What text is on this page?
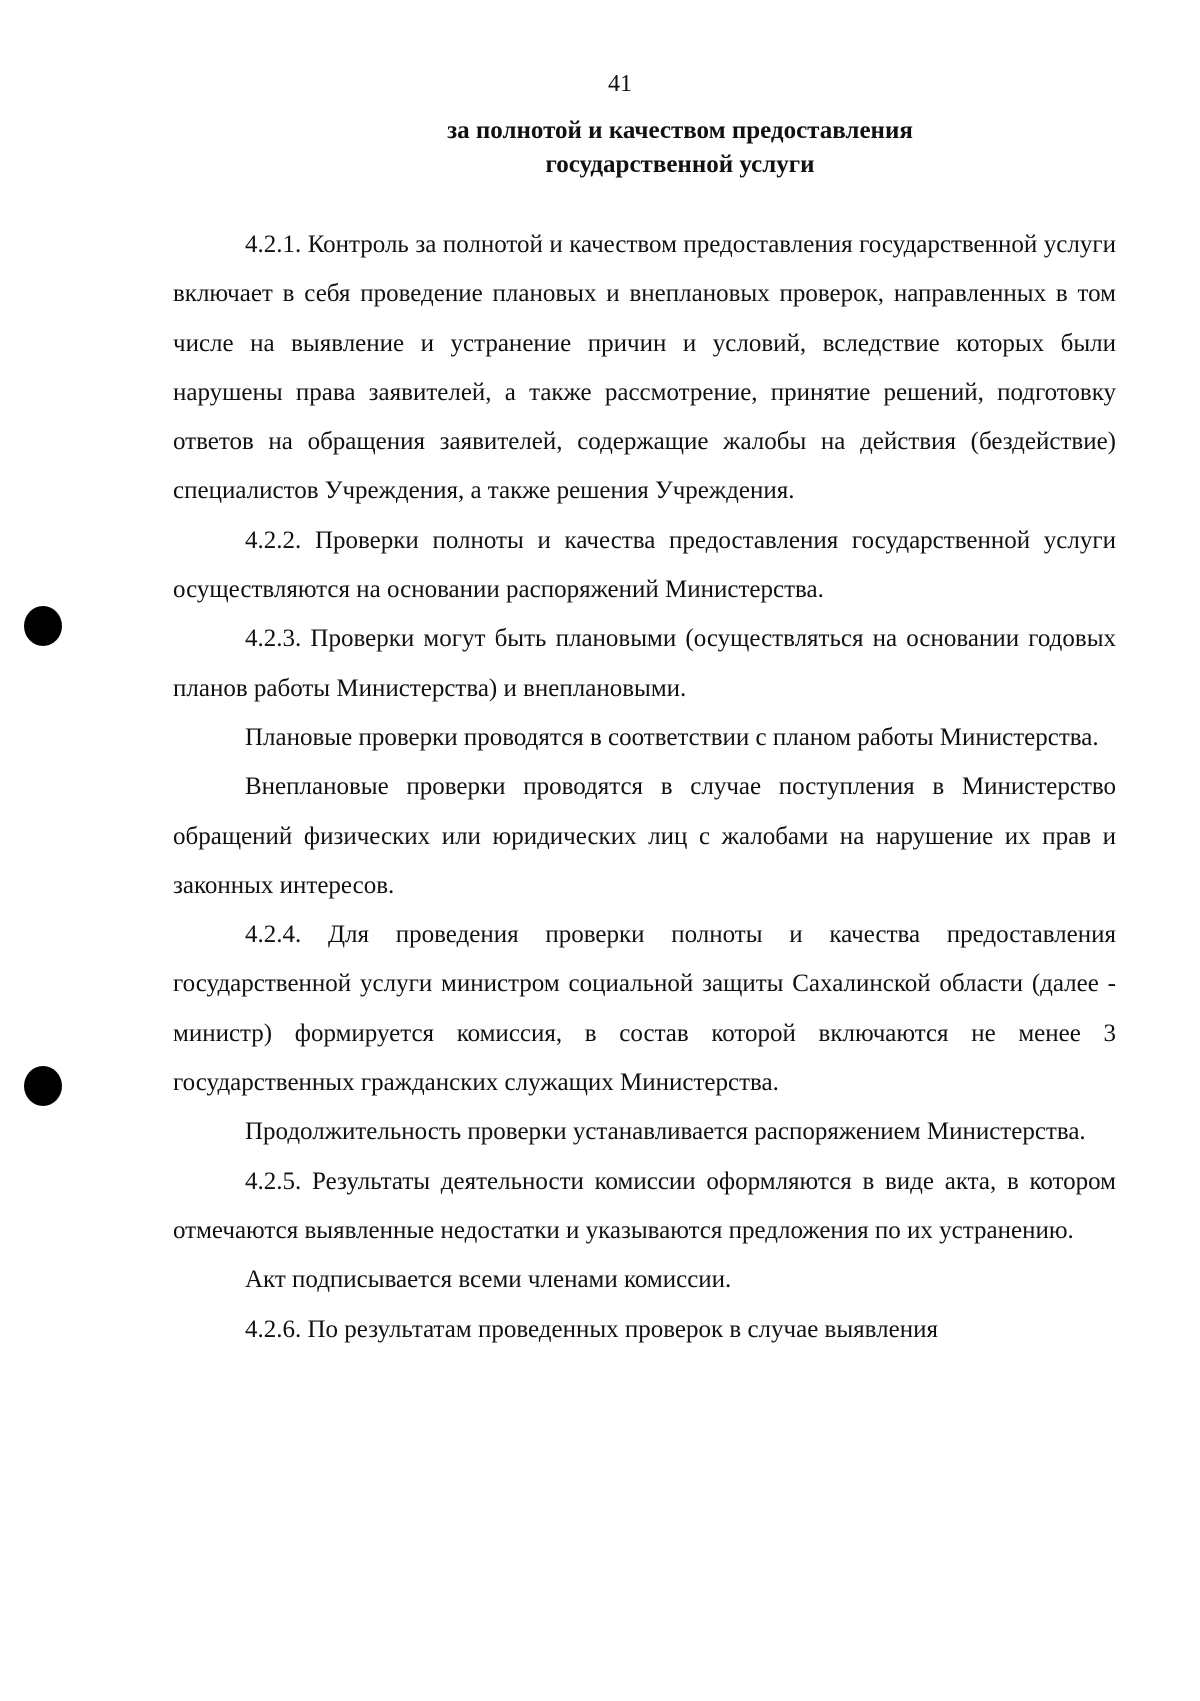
41
за полнотой и качеством предоставления
государственной услуги

4.2.1. Контроль за полнотой и качеством предоставления государственной услуги включает в себя проведение плановых и внеплановых проверок, направленных в том числе на выявление и устранение причин и условий, вследствие которых были нарушены права заявителей, а также рассмотрение, принятие решений, подготовку ответов на обращения заявителей, содержащие жалобы на действия (бездействие) специалистов Учреждения, а также решения Учреждения.

4.2.2. Проверки полноты и качества предоставления государственной услуги осуществляются на основании распоряжений Министерства.

4.2.3. Проверки могут быть плановыми (осуществляться на основании годовых планов работы Министерства) и внеплановыми.

Плановые проверки проводятся в соответствии с планом работы Министерства.

Внеплановые проверки проводятся в случае поступления в Министерство обращений физических или юридических лиц с жалобами на нарушение их прав и законных интересов.

4.2.4. Для проведения проверки полноты и качества предоставления государственной услуги министром социальной защиты Сахалинской области (далее - министр) формируется комиссия, в состав которой включаются не менее 3 государственных гражданских служащих Министерства.

Продолжительность проверки устанавливается распоряжением Министерства.

4.2.5. Результаты деятельности комиссии оформляются в виде акта, в котором отмечаются выявленные недостатки и указываются предложения по их устранению.

Акт подписывается всеми членами комиссии.

4.2.6. По результатам проведенных проверок в случае выявления
